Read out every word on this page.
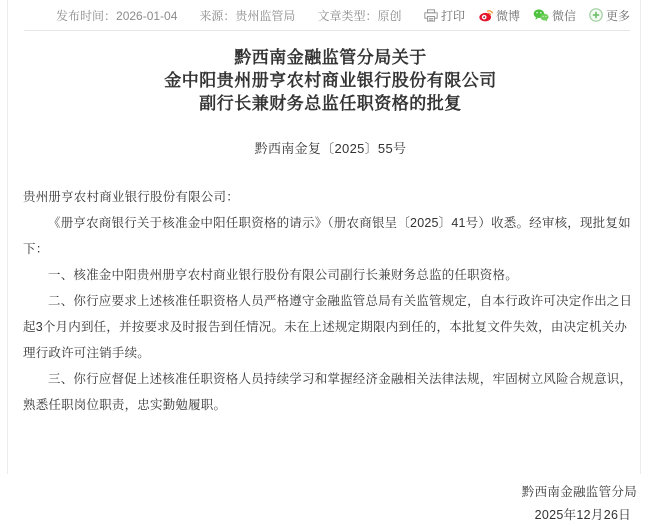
发布时间：2026-01-04 来源：贵州监管局 文章类型：原创	打印	微博	微信	更多
黔西南金融监管分局关于
金中阳贵州册亨农村商业银行股份有限公司
副行长兼财务总监任职资格的批复
黔西南金复〔2025〕55号

贵州册亨农村商业银行股份有限公司：

《册亨农商银行关于核准金中阳任职资格的请示》（册农商银呈〔2025〕41号）收悉。经审核，现批复如下：

一、核准金中阳贵州册亨农村商业银行股份有限公司副行长兼财务总监的任职资格。

二、你行应要求上述核准任职资格人员严格遵守金融监管总局有关监管规定，自本行政许可决定作出之日起3个月内到任，并按要求及时报告到任情况。未在上述规定期限内到任的，本批复文件失效，由决定机关办理行政许可注销手续。

三、你行应督促上述核准任职资格人员持续学习和掌握经济金融相关法律法规，牢固树立风险合规意识，熟悉任职岗位职责，忠实勤勉履职。

黔西南金融监管分局
2025年12月26日
